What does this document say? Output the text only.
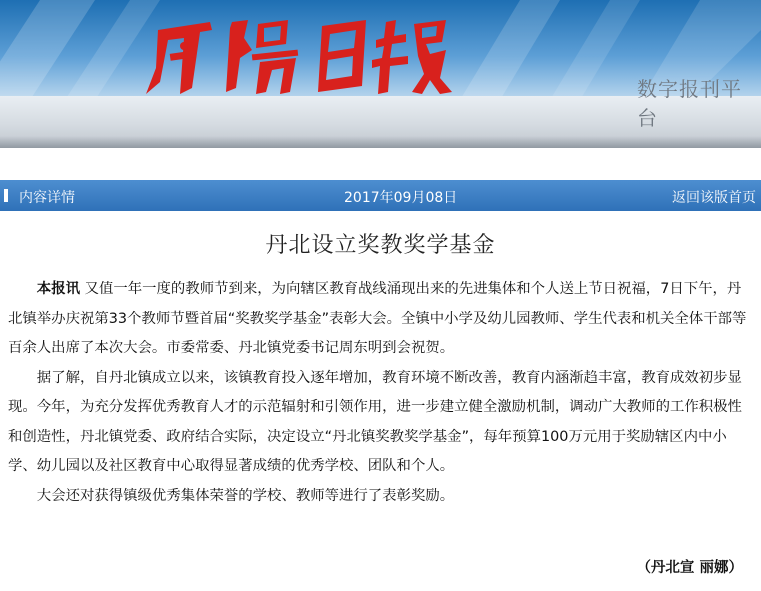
数字报刊平台
内容详情	2017年09月08日	返回该版首页
丹北设立奖教奖学基金

本报讯 又值一年一度的教师节到来，为向辖区教育战线涌现出来的先进集体和个人送上节日祝福，7日下午，丹北镇举办庆祝第33个教师节暨首届“奖教奖学基金”表彰大会。全镇中小学及幼儿园教师、学生代表和机关全体干部等百余人出席了本次大会。市委常委、丹北镇党委书记周东明到会祝贺。

据了解，自丹北镇成立以来，该镇教育投入逐年增加，教育环境不断改善，教育内涵渐趋丰富，教育成效初步显现。今年，为充分发挥优秀教育人才的示范辐射和引领作用，进一步建立健全激励机制，调动广大教师的工作积极性和创造性，丹北镇党委、政府结合实际，决定设立“丹北镇奖教奖学基金”，每年预算100万元用于奖励辖区内中小学、幼儿园以及社区教育中心取得显著成绩的优秀学校、团队和个人。

大会还对获得镇级优秀集体荣誉的学校、教师等进行了表彰奖励。

（丹北宣 丽娜）
